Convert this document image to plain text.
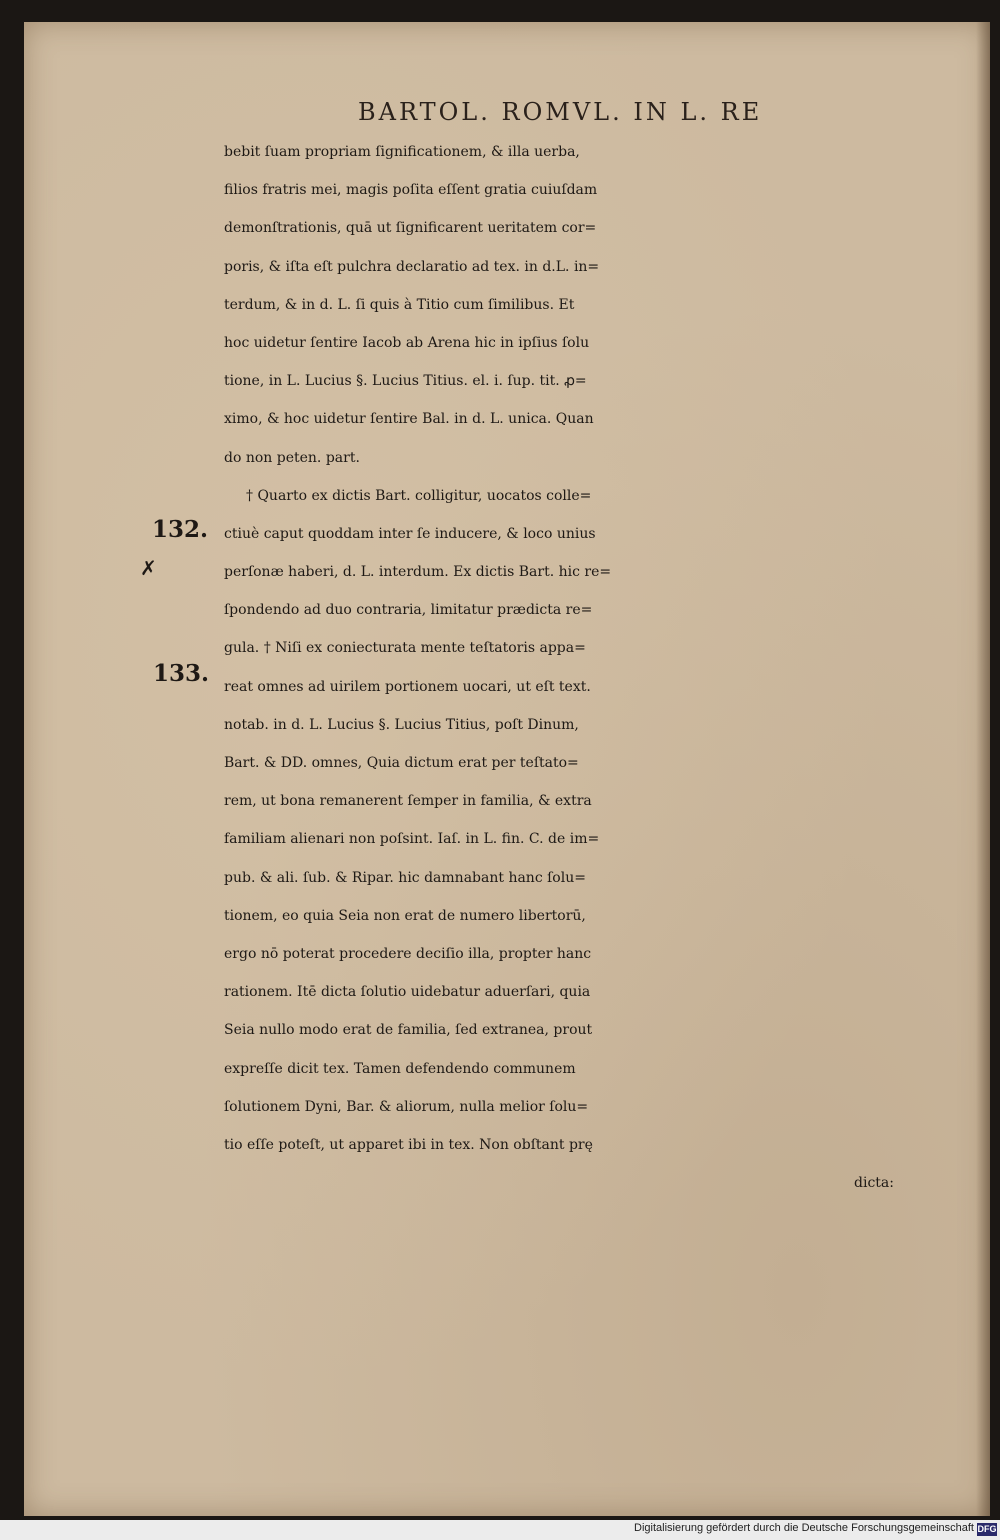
BARTOL. ROMVL. IN L. RE

132.
✗
133.
bebit ſuam propriam ſignificationem, & illa uerba,
filios fratris mei, magis poſita eſſent gratia cuiuſdam
demonſtrationis, quā ut ſignificarent ueritatem cor=
poris, & iſta eſt pulchra declaratio ad tex. in d.L. in=
terdum, & in d. L. ſi quis à Titio cum ſimilibus. Et
hoc uidetur ſentire Iacob ab Arena hic in ipſius ſolu
tione, in L. Lucius §. Lucius Titius. el. i. ſup. tit. ꝓ=
ximo, & hoc uidetur ſentire Bal. in d. L. unica. Quan
do non peten. part.
† Quarto ex dictis Bart. colligitur, uocatos colle=
ctiuè caput quoddam inter ſe inducere, & loco unius
perſonæ haberi, d. L. interdum. Ex dictis Bart. hic re=
ſpondendo ad duo contraria, limitatur prædicta re=
gula. † Niſi ex coniecturata mente teſtatoris appa=
reat omnes ad uirilem portionem uocari, ut eſt text.
notab. in d. L. Lucius §. Lucius Titius, poſt Dinum,
Bart. & DD. omnes, Quia dictum erat per teſtato=
rem, ut bona remanerent ſemper in familia, & extra
familiam alienari non poſsint. Iaſ. in L. fin. C. de im=
pub. & ali. ſub. & Ripar. hic damnabant hanc ſolu=
tionem, eo quia Seia non erat de numero libertorū,
ergo nō poterat procedere deciſio illa, propter hanc
rationem. Itē dicta ſolutio uidebatur aduerſari, quia
Seia nullo modo erat de familia, ſed extranea, prout
expreſſe dicit tex. Tamen defendendo communem
ſolutionem Dyni, Bar. & aliorum, nulla melior ſolu=
tio eſſe poteſt, ut apparet ibi in tex. Non obſtant prę
dicta:
Digitalisierung gefördert durch die Deutsche Forschungsgemeinschaft DFG
